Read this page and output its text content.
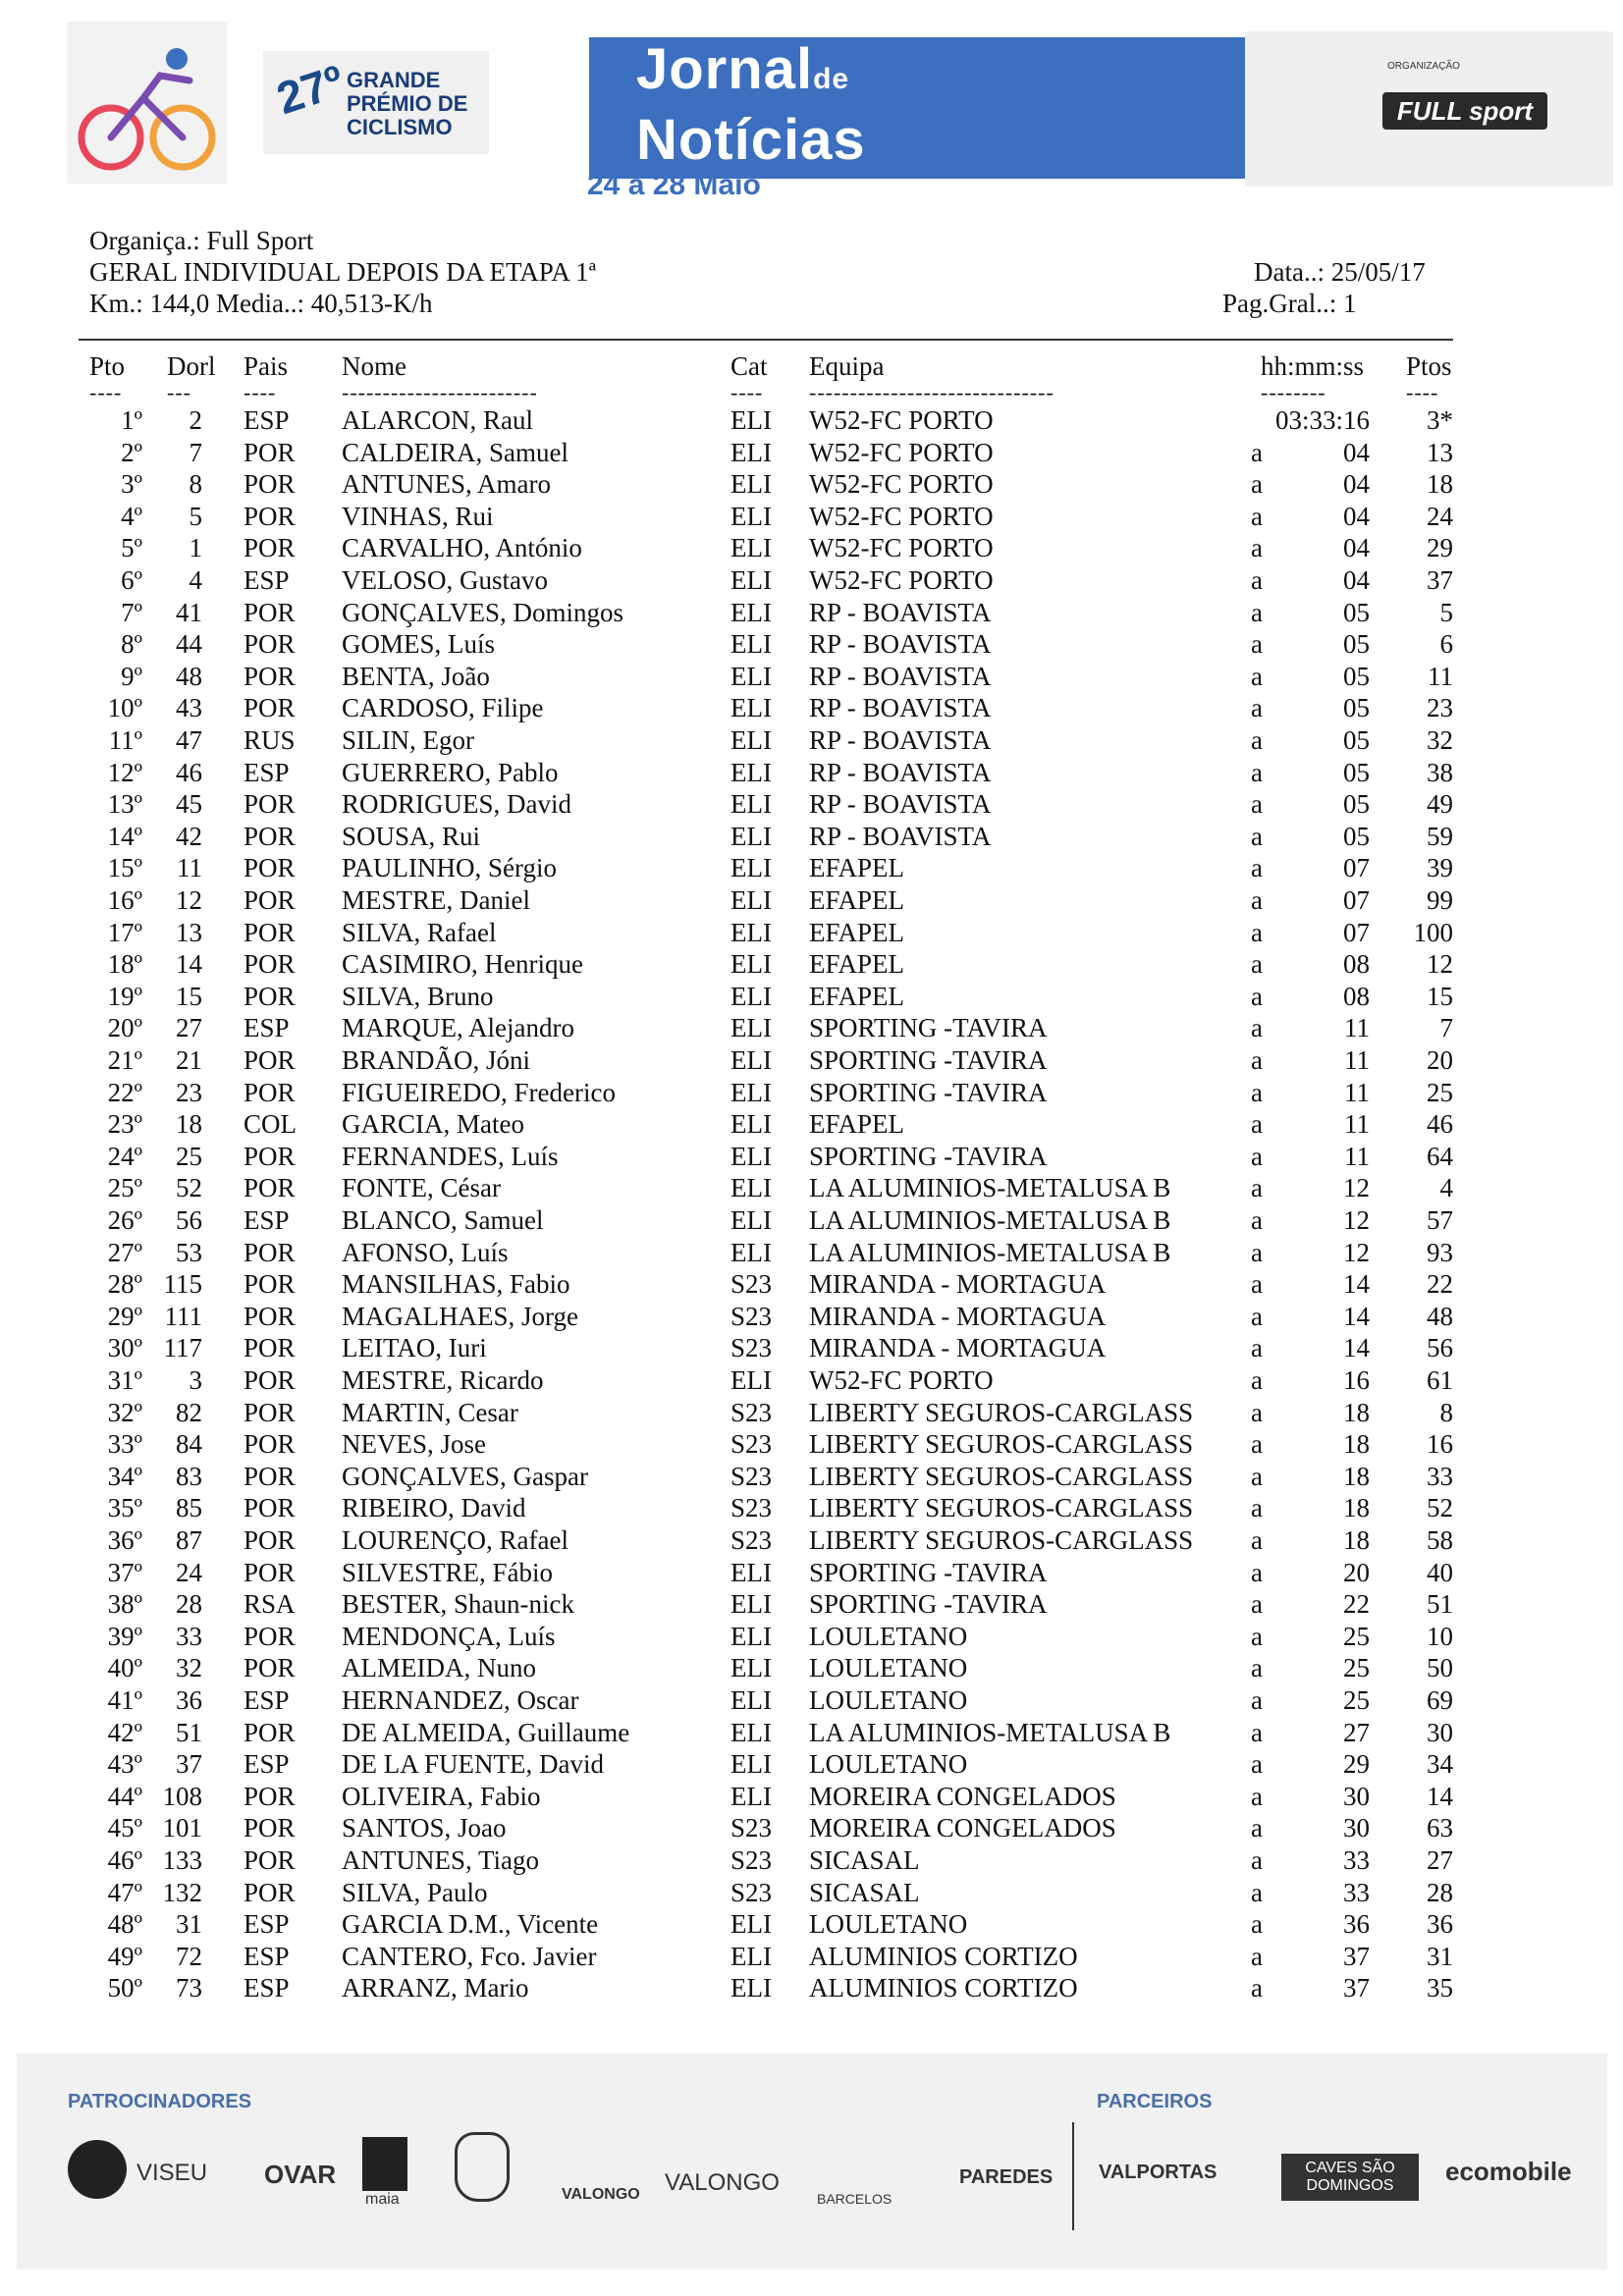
27º
GRANDE
PRÉMIO DE
CICLISMO
Jornalde
Notícias
24 a 28 Maio
ORGANIZAÇÃO
FULL sport
Organiça.: Full Sport
GERAL INDIVIDUAL DEPOIS DA ETAPA 1ª
Km.: 144,0 Media..: 40,513-K/h
Data..: 25/05/17
Pag.Gral..: 1
Pto Dorl Pais Nome	Cat Equipa	hh:mm:ss Ptos
---- --- ----	------------------------	---- ------------------------------	--------	----
1º 2 ESP ALARCON, Raul	ELI W52-FC PORTO	03:33:16 3*
2º 7 POR CALDEIRA, Samuel	ELI W52-FC PORTO	a	04 13
3º 8 POR ANTUNES, Amaro	ELI W52-FC PORTO	a	04 18
4º 5 POR VINHAS, Rui	ELI W52-FC PORTO	a	04 24
5º 1 POR CARVALHO, António	ELI W52-FC PORTO	a	04 29
6º 4 ESP VELOSO, Gustavo	ELI W52-FC PORTO	a	04 37
7º 41 POR GONÇALVES, Domingos	ELI RP - BOAVISTA	a	05	5
8º 44 POR GOMES, Luís	ELI RP - BOAVISTA	a	05	6
9º 48 POR BENTA, João	ELI RP - BOAVISTA	a	05 11
10º 43 POR CARDOSO, Filipe	ELI RP - BOAVISTA	a	05 23
11º 47 RUS SILIN, Egor	ELI RP - BOAVISTA	a	05 32
12º 46 ESP GUERRERO, Pablo	ELI RP - BOAVISTA	a	05 38
13º 45 POR RODRIGUES, David	ELI RP - BOAVISTA	a	05 49
14º 42 POR SOUSA, Rui	ELI RP - BOAVISTA	a	05 59
15º 11 POR PAULINHO, Sérgio	ELI EFAPEL	a	07 39
16º 12 POR MESTRE, Daniel	ELI EFAPEL	a	07 99
17º 13 POR SILVA, Rafael	ELI EFAPEL	a	07 100
18º 14 POR CASIMIRO, Henrique	ELI EFAPEL	a	08 12
19º 15 POR SILVA, Bruno	ELI EFAPEL	a	08 15
20º 27 ESP MARQUE, Alejandro	ELI SPORTING -TAVIRA	a	11	7
21º 21 POR BRANDÃO, Jóni	ELI SPORTING -TAVIRA	a	11 20
22º 23 POR FIGUEIREDO, Frederico	ELI SPORTING -TAVIRA	a	11 25
23º 18 COL GARCIA, Mateo	ELI EFAPEL	a	11 46
24º 25 POR FERNANDES, Luís	ELI SPORTING -TAVIRA	a	11 64
25º 52 POR FONTE, César	ELI LA ALUMINIOS-METALUSA B	a	12	4
26º 56 ESP BLANCO, Samuel	ELI LA ALUMINIOS-METALUSA B	a	12 57
27º 53 POR AFONSO, Luís	ELI LA ALUMINIOS-METALUSA B	a	12 93
28º 115 POR MANSILHAS, Fabio	S23 MIRANDA - MORTAGUA	a	14 22
29º 111 POR MAGALHAES, Jorge	S23 MIRANDA - MORTAGUA	a	14 48
30º 117 POR LEITAO, Iuri	S23 MIRANDA - MORTAGUA	a	14 56
31º 3 POR MESTRE, Ricardo	ELI W52-FC PORTO	a	16 61
32º 82 POR MARTIN, Cesar	S23 LIBERTY SEGUROS-CARGLASS a	18	8
33º 84 POR NEVES, Jose	S23 LIBERTY SEGUROS-CARGLASS a	18 16
34º 83 POR GONÇALVES, Gaspar	S23 LIBERTY SEGUROS-CARGLASS a	18 33
35º 85 POR RIBEIRO, David	S23 LIBERTY SEGUROS-CARGLASS a	18 52
36º 87 POR LOURENÇO, Rafael	S23 LIBERTY SEGUROS-CARGLASS a	18 58
37º 24 POR SILVESTRE, Fábio	ELI SPORTING -TAVIRA	a	20 40
38º 28 RSA BESTER, Shaun-nick	ELI SPORTING -TAVIRA	a	22 51
39º 33 POR MENDONÇA, Luís	ELI LOULETANO	a	25 10
40º 32 POR ALMEIDA, Nuno	ELI LOULETANO	a	25 50
41º 36 ESP HERNANDEZ, Oscar	ELI LOULETANO	a	25 69
42º 51 POR DE ALMEIDA, Guillaume	ELI LA ALUMINIOS-METALUSA B	a	27 30
43º 37 ESP DE LA FUENTE, David	ELI LOULETANO	a	29 34
44º 108 POR OLIVEIRA, Fabio	ELI MOREIRA CONGELADOS	a	30 14
45º 101 POR SANTOS, Joao	S23 MOREIRA CONGELADOS	a	30 63
46º 133 POR ANTUNES, Tiago	S23 SICASAL	a	33 27
47º 132 POR SILVA, Paulo	S23 SICASAL	a	33 28
48º 31 ESP GARCIA D.M., Vicente	ELI LOULETANO	a	36 36
49º 72 ESP CANTERO, Fco. Javier	ELI ALUMINIOS CORTIZO	a	37 31
50º 73 ESP ARRANZ, Mario	ELI ALUMINIOS CORTIZO	a	37 35
PATROCINADORES	PARCEIROS
VISEU OVAR
maia	VALONGO VALONGO
BARCELOS
PAREDES VALPORTAS	CAVES SÃO DOMINGOS	ecomobile
